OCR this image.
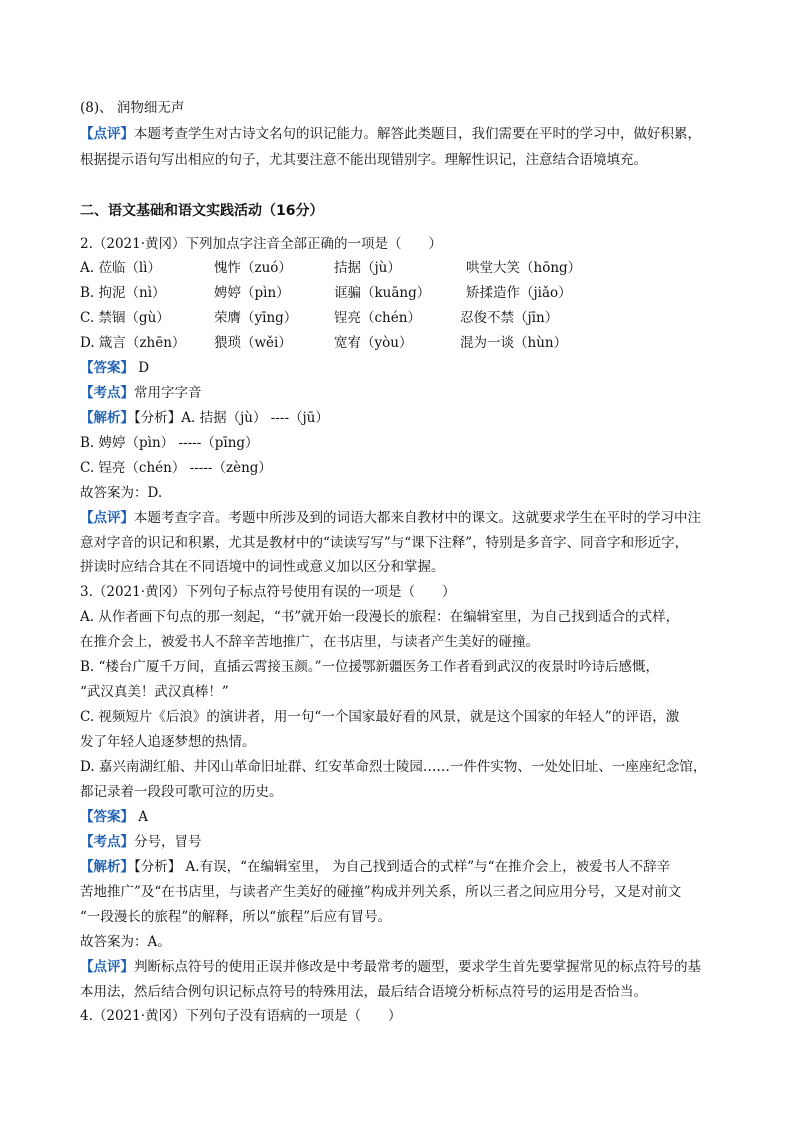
(8)、 润物细无声
【点评】本题考查学生对古诗文名句的识记能力。解答此类题目，我们需要在平时的学习中，做好积累，
根据提示语句写出相应的句子，尤其要注意不能出现错别字。理解性识记，注意结合语境填充。
二、语文基础和语文实践活动（16分）
2.（2021·黄冈）下列加点字注音全部正确的一项是（　　）
A. 莅临（lì）	愧怍（zuó）	拮据（jù）	哄堂大笑（hōng）
B. 拘泥（nì）	娉婷（pìn）	诓骗（kuāng）	矫揉造作（jiǎo）
C. 禁锢（gù）	荣膺（yīng）	锃亮（chén）	忍俊不禁（jīn）
D. 箴言（zhēn） 猥琐（wěi）	宽宥（yòu）	混为一谈（hùn）
【答案】 D
【考点】常用字字音
【解析】【分析】A. 拮据（jù） ----（jū）
B. 娉婷（pìn） -----（pīng）
C. 锃亮（chén） -----（zèng）
故答案为：D.
【点评】本题考查字音。考题中所涉及到的词语大都来自教材中的课文。这就要求学生在平时的学习中注
意对字音的识记和积累，尤其是教材中的“读读写写”与“课下注释”，特别是多音字、同音字和形近字，
拼读时应结合其在不同语境中的词性或意义加以区分和掌握。
3.（2021·黄冈）下列句子标点符号使用有误的一项是（　　）
A. 从作者画下句点的那一刻起，“书”就开始一段漫长的旅程：在编辑室里，为自己找到适合的式样，
在推介会上，被爱书人不辞辛苦地推广，在书店里，与读者产生美好的碰撞。
B. “楼台广厦千万间，直插云霄接玉颜。”一位援鄂新疆医务工作者看到武汉的夜景时吟诗后感慨，
“武汉真美！武汉真棒！”
C. 视频短片《后浪》的演讲者，用一句“一个国家最好看的风景，就是这个国家的年轻人”的评语，激
发了年轻人追逐梦想的热情。
D. 嘉兴南湖红船、井冈山革命旧址群、红安革命烈士陵园……一件件实物、一处处旧址、一座座纪念馆，
都记录着一段段可歌可泣的历史。
【答案】 A
【考点】分号，冒号
【解析】【分析】 A.有误，“在编辑室里， 为自己找到适合的式样”与“在推介会上，被爱书人不辞辛
苦地推广”及“在书店里，与读者产生美好的碰撞”构成并列关系，所以三者之间应用分号，又是对前文
“一段漫长的旅程”的解释，所以“旅程”后应有冒号。
故答案为：A。
【点评】判断标点符号的使用正误并修改是中考最常考的题型，要求学生首先要掌握常见的标点符号的基
本用法，然后结合例句识记标点符号的特殊用法，最后结合语境分析标点符号的运用是否恰当。
4.（2021·黄冈）下列句子没有语病的一项是（　　）
